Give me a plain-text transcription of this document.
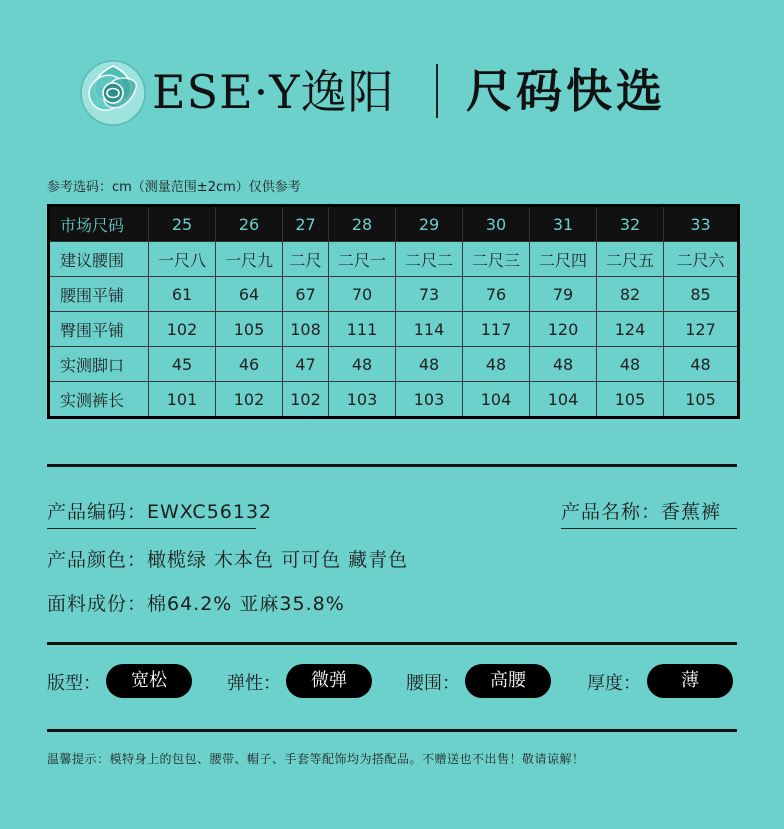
ESE·Y逸阳 尺码快选
参考选码：cm（测量范围±2cm）仅供参考
市场尺码	25	26	27	28	29	30	31	32	33
建议腰围	一尺八	一尺九	二尺	二尺一	二尺二	二尺三	二尺四	二尺五	二尺六
腰围平铺	61	64	67	70	73	76	79	82	85
臀围平铺	102	105	108	111	114	117	120	124	127
实测脚口	45	46	47	48	48	48	48	48	48
实测裤长	101	102	102	103	103	104	104	105	105
产品编码：EWXC56132	产品名称：香蕉裤
产品颜色：橄榄绿 木本色 可可色 藏青色
面料成份：棉64.2% 亚麻35.8%
版型：	宽松	弹性：	微弹	腰围：	高腰	厚度：	薄
温馨提示：模特身上的包包、腰带、帽子、手套等配饰均为搭配品。不赠送也不出售！敬请谅解！
